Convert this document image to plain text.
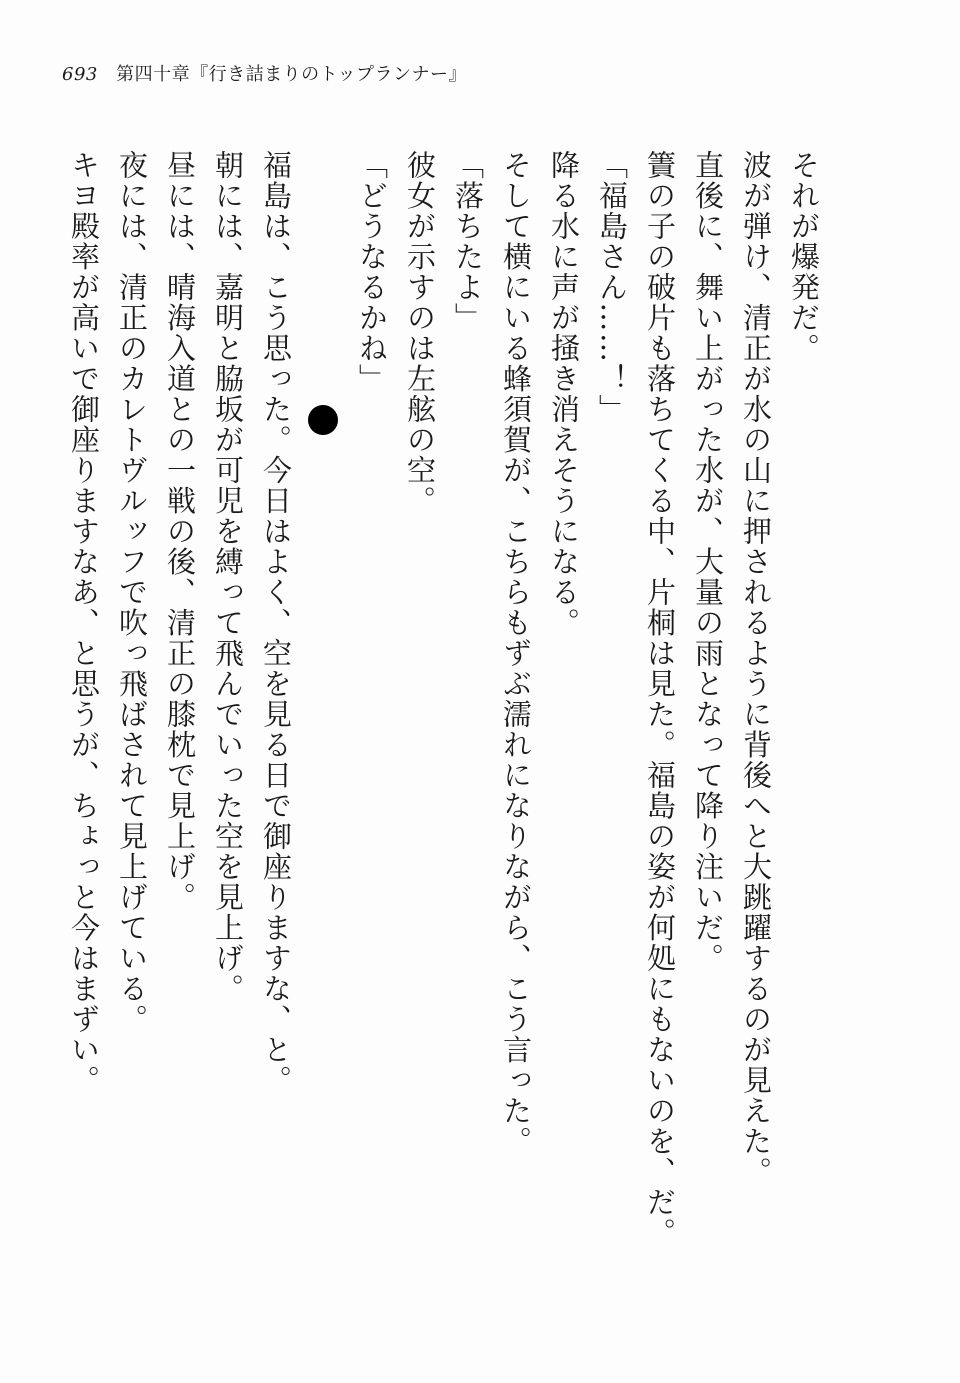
693 第四十章『行き詰まりのトップランナー』
それが爆発だ。
波が弾け、清正が水の山に押されるように背後へと大跳躍するのが見えた。
直後に、舞い上がった水が、大量の雨となって降り注いだ。
簀の子の破片も落ちてくる中、片桐は見た。福島の姿が何処にもないのを、だ。
「福島さん……！」
降る水に声が掻き消えそうになる。
そして横にいる蜂須賀が、こちらもずぶ濡れになりながら、こう言った。
「落ちたよ」
彼女が示すのは左舷の空。
「どうなるかね」
福島は、こう思った。今日はよく、空を見る日で御座りますな、と。
朝には、嘉明と脇坂が可児を縛って飛んでいった空を見上げ。
昼には、晴海入道との一戦の後、清正の膝枕で見上げ。
夜には、清正のカレトヴルッフで吹っ飛ばされて見上げている。
キヨ殿率が高いで御座りますなあ、と思うが、ちょっと今はまずい。
